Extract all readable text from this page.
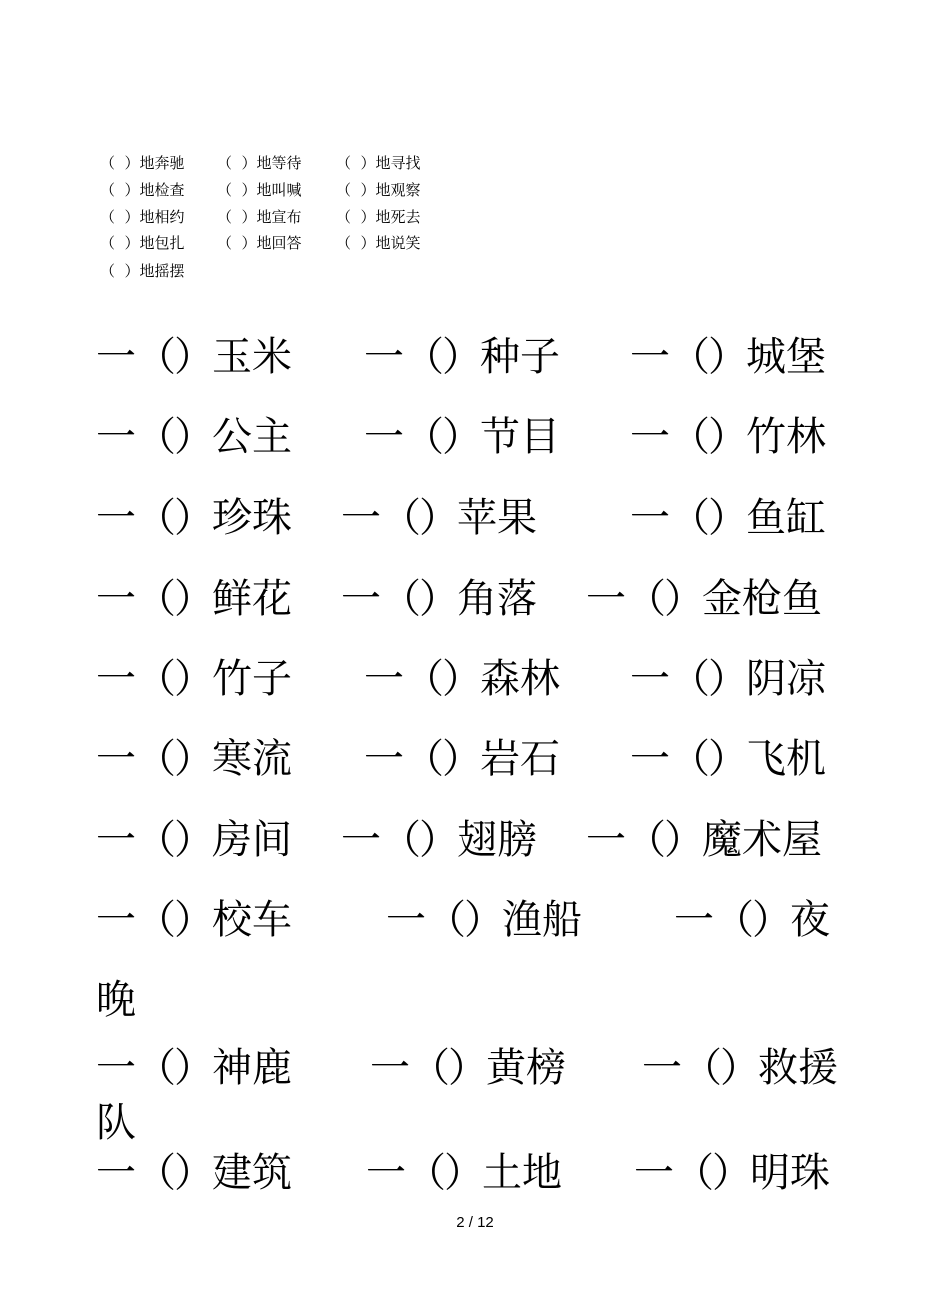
（  ）地奔驰 （  ）地等待 （  ）地寻找
（  ）地检查 （  ）地叫喊 （  ）地观察
（  ）地相约 （  ）地宣布 （  ）地死去
（  ）地包扎 （  ）地回答 （  ）地说笑
（  ）地摇摆
一（）玉米 一（）种子 一（）城堡
一（）公主 一（）节目 一（）竹林
一（）珍珠 一（）苹果 一（）鱼缸
一（）鲜花 一（）角落 一（）金枪鱼
一（）竹子 一（）森林 一（）阴凉
一（）寒流 一（）岩石 一（）飞机
一（）房间 一（）翅膀 一（）魔术屋
一（）校车 一（）渔船 一（）夜
晚
一（）神鹿 一（）黄榜 一（）救援
队
一（）建筑 一（）土地 一（）明珠
2 / 12
